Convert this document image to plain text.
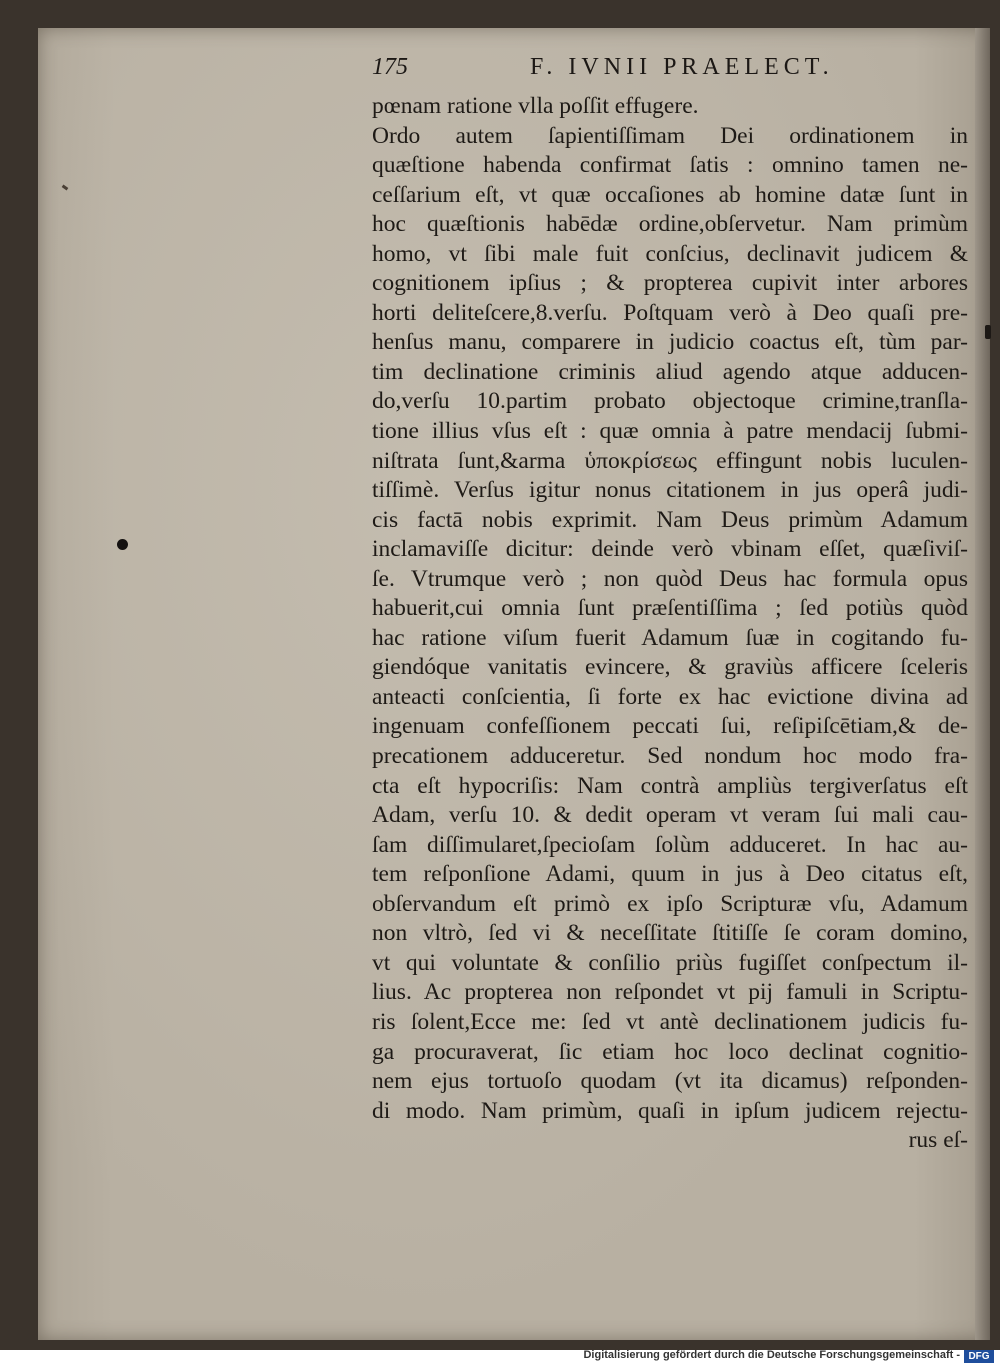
175	F. IVNII PRAELECT.
pœnam ratione vlla poſſit effugere.
Ordo autem ſapientiſſimam Dei ordinationem in
quæſtione habenda confirmat ſatis : omnino tamen ne-
ceſſarium eſt, vt quæ occaſiones ab homine datæ ſunt in
hoc quæſtionis habēdæ ordine,obſervetur. Nam primùm
homo, vt ſibi male fuit conſcius, declinavit judicem &
cognitionem ipſius ; & propterea cupivit inter arbores
horti deliteſcere,8.verſu. Poſtquam verò à Deo quaſi pre-
henſus manu, comparere in judicio coactus eſt, tùm par-
tim declinatione criminis aliud agendo atque adducen-
do,verſu 10.partim probato objectoque crimine,tranſla-
tione illius vſus eſt : quæ omnia à patre mendacij ſubmi-
niſtrata ſunt,&arma ὑποκρίσεως effingunt nobis luculen-
tiſſimè. Verſus igitur nonus citationem in jus operâ judi-
cis factā nobis exprimit. Nam Deus primùm Adamum
inclamaviſſe dicitur: deinde verò vbinam eſſet, quæſiviſ-
ſe. Vtrumque verò ; non quòd Deus hac formula opus
habuerit,cui omnia ſunt præſentiſſima ; ſed potiùs quòd
hac ratione viſum fuerit Adamum ſuæ in cogitando fu-
giendóque vanitatis evincere, & graviùs afficere ſceleris
anteacti conſcientia, ſi forte ex hac evictione divina ad
ingenuam confeſſionem peccati ſui, reſipiſcētiam,& de-
precationem adduceretur. Sed nondum hoc modo fra-
cta eſt hypocriſis: Nam contrà ampliùs tergiverſatus eſt
Adam, verſu 10. & dedit operam vt veram ſui mali cau-
ſam diſſimularet,ſpecioſam ſolùm adduceret. In hac au-
tem reſponſione Adami, quum in jus à Deo citatus eſt,
obſervandum eſt primò ex ipſo Scripturæ vſu, Adamum
non vltrò, ſed vi & neceſſitate ſtitiſſe ſe coram domino,
vt qui voluntate & conſilio priùs fugiſſet conſpectum il-
lius. Ac propterea non reſpondet vt pij famuli in Scriptu-
ris ſolent,Ecce me: ſed vt antè declinationem judicis fu-
ga procuraverat, ſic etiam hoc loco declinat cognitio-
nem ejus tortuoſo quodam (vt ita dicamus) reſponden-
di modo. Nam primùm, quaſi in ipſum judicem rejectu-
rus eſ-
Digitalisierung gefördert durch die Deutsche Forschungsgemeinschaft - DFG
